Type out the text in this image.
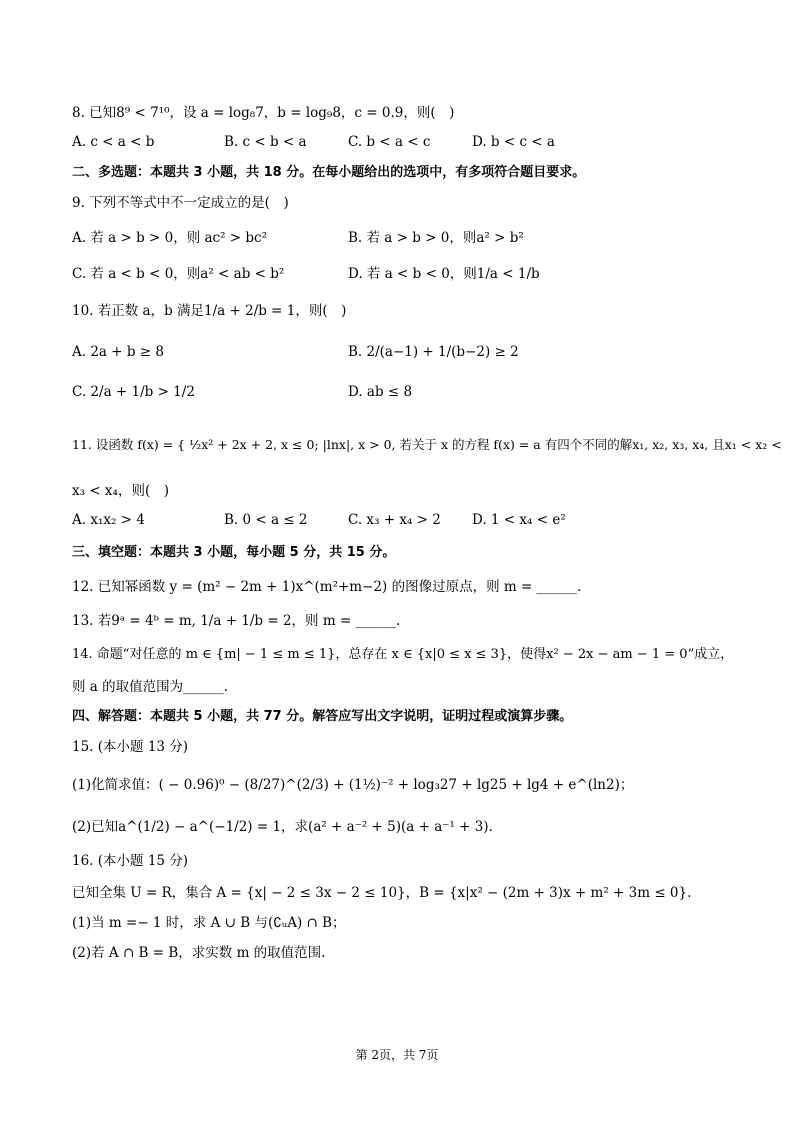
8. 已知8⁹ < 7¹⁰，设 a = log₈7，b = log₉8，c = 0.9，则(　)
A. c < a < b	B. c < b < a	C. b < a < c	D. b < c < a
二、多选题：本题共 3 小题，共 18 分。在每小题给出的选项中，有多项符合题目要求。
9. 下列不等式中不一定成立的是(　)
A. 若 a > b > 0，则 ac² > bc²	B. 若 a > b > 0，则a² > b²
C. 若 a < b < 0，则a² < ab < b²	D. 若 a < b < 0，则1/a < 1/b
10. 若正数 a，b 满足1/a + 2/b = 1，则(　)
A. 2a + b ≥ 8	B. 2/(a−1) + 1/(b−2) ≥ 2
C. 2/a + 1/b > 1/2	D. ab ≤ 8
11. 设函数 f(x) = { ½x² + 2x + 2, x ≤ 0; |lnx|, x > 0, 若关于 x 的方程 f(x) = a 有四个不同的解x₁, x₂, x₃, x₄, 且x₁ < x₂ <
x₃ < x₄，则(　)
A. x₁x₂ > 4	B. 0 < a ≤ 2	C. x₃ + x₄ > 2 D. 1 < x₄ < e²
三、填空题：本题共 3 小题，每小题 5 分，共 15 分。
12. 已知幂函数 y = (m² − 2m + 1)x^(m²+m−2) 的图像过原点，则 m = ______.
13. 若9ᵃ = 4ᵇ = m, 1/a + 1/b = 2，则 m = ______.
14. 命题“对任意的 m ∈ {m| − 1 ≤ m ≤ 1}，总存在 x ∈ {x|0 ≤ x ≤ 3}，使得x² − 2x − am − 1 = 0”成立，
则 a 的取值范围为______.
四、解答题：本题共 5 小题，共 77 分。解答应写出文字说明，证明过程或演算步骤。
15. (本小题 13 分)
(1)化简求值：( − 0.96)⁰ − (8/27)^(2/3) + (1½)⁻² + log₃27 + lg25 + lg4 + e^(ln2)；
(2)已知a^(1/2) − a^(−1/2) = 1，求(a² + a⁻² + 5)(a + a⁻¹ + 3).
16. (本小题 15 分)
已知全集 U = R，集合 A = {x| − 2 ≤ 3x − 2 ≤ 10}，B = {x|x² − (2m + 3)x + m² + 3m ≤ 0}.
(1)当 m =− 1 时，求 A ∪ B 与(∁ᵤA) ∩ B；
(2)若 A ∩ B = B，求实数 m 的取值范围.
第 2页，共 7页
